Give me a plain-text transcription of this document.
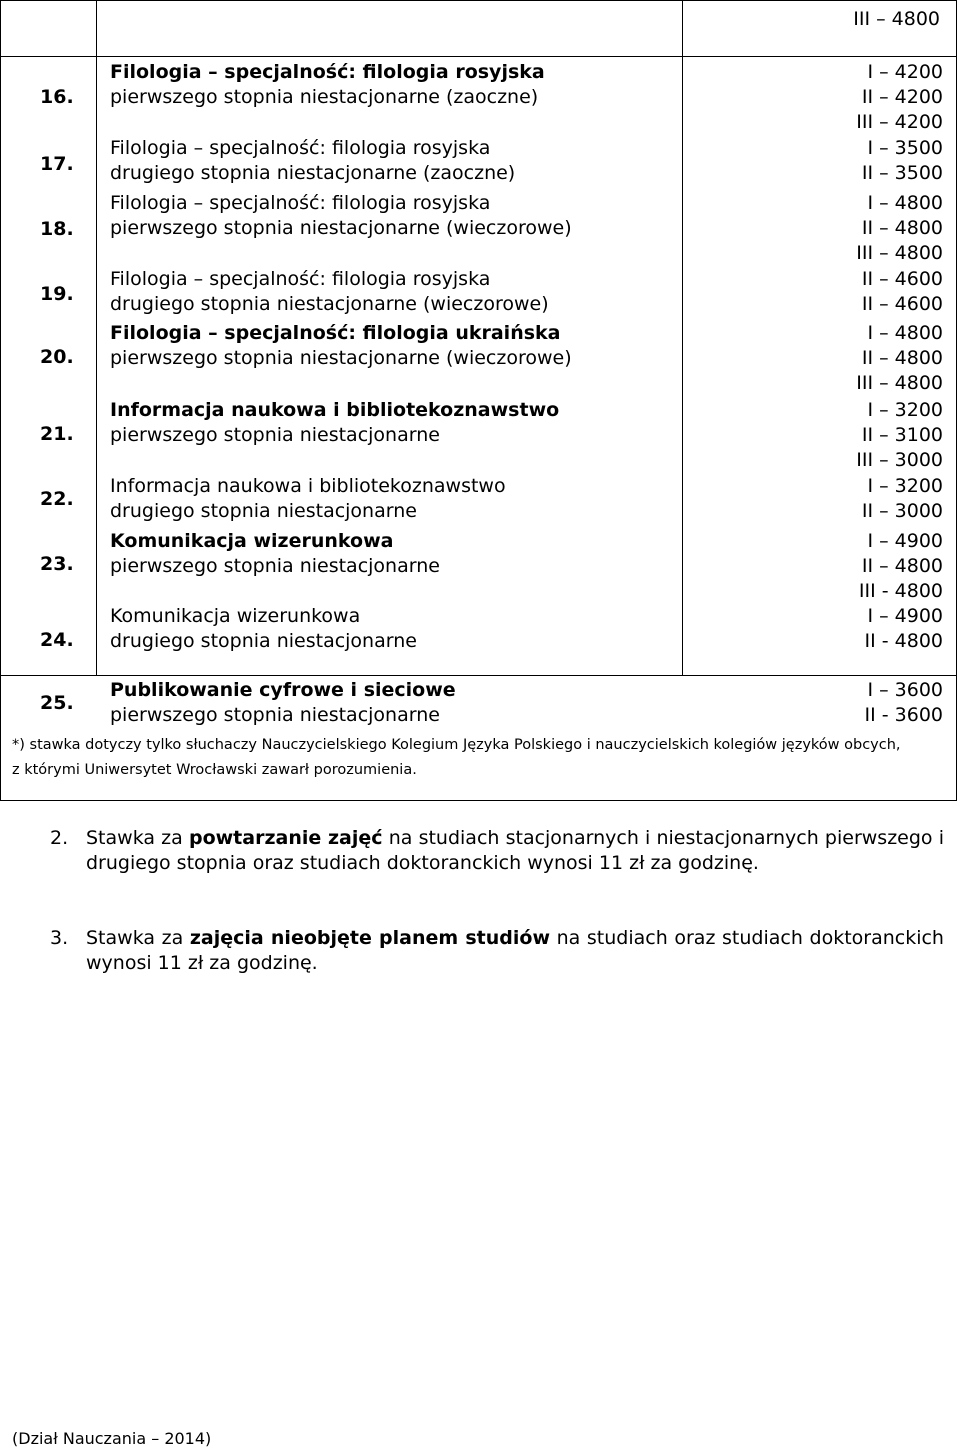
III – 4800
16.
Filologia – specjalność: filologia rosyjska
pierwszego stopnia niestacjonarne (zaoczne)
I – 4200
II – 4200
III – 4200
17.
Filologia – specjalność: filologia rosyjska
drugiego stopnia niestacjonarne (zaoczne)
I – 3500
II – 3500
18.
Filologia – specjalność: filologia rosyjska
pierwszego stopnia niestacjonarne (wieczorowe)
I – 4800
II – 4800
III – 4800
19.
Filologia – specjalność: filologia rosyjska
drugiego stopnia niestacjonarne (wieczorowe)
II – 4600
II – 4600
20.
Filologia – specjalność: filologia ukraińska
pierwszego stopnia niestacjonarne (wieczorowe)
I – 4800
II – 4800
III – 4800
21.
Informacja naukowa i bibliotekoznawstwo
pierwszego stopnia niestacjonarne
I – 3200
II – 3100
III – 3000
22.
Informacja naukowa i bibliotekoznawstwo
drugiego stopnia niestacjonarne
I – 3200
II – 3000
23.
Komunikacja wizerunkowa
pierwszego stopnia niestacjonarne
I – 4900
II – 4800
III - 4800
24.
Komunikacja wizerunkowa
drugiego stopnia niestacjonarne
I – 4900
II - 4800
25.
Publikowanie cyfrowe i sieciowe
pierwszego stopnia niestacjonarne
I – 3600
II - 3600
*) stawka dotyczy tylko słuchaczy Nauczycielskiego Kolegium Języka Polskiego i nauczycielskich kolegiów języków obcych, z którymi Uniwersytet Wrocławski zawarł porozumienia.
2. Stawka za powtarzanie zajęć na studiach stacjonarnych i niestacjonarnych pierwszego i drugiego stopnia oraz studiach doktoranckich wynosi 11 zł za godzinę.
3. Stawka za zajęcia nieobjęte planem studiów na studiach oraz studiach doktoranckich wynosi 11 zł za godzinę.
(Dział Nauczania – 2014)
